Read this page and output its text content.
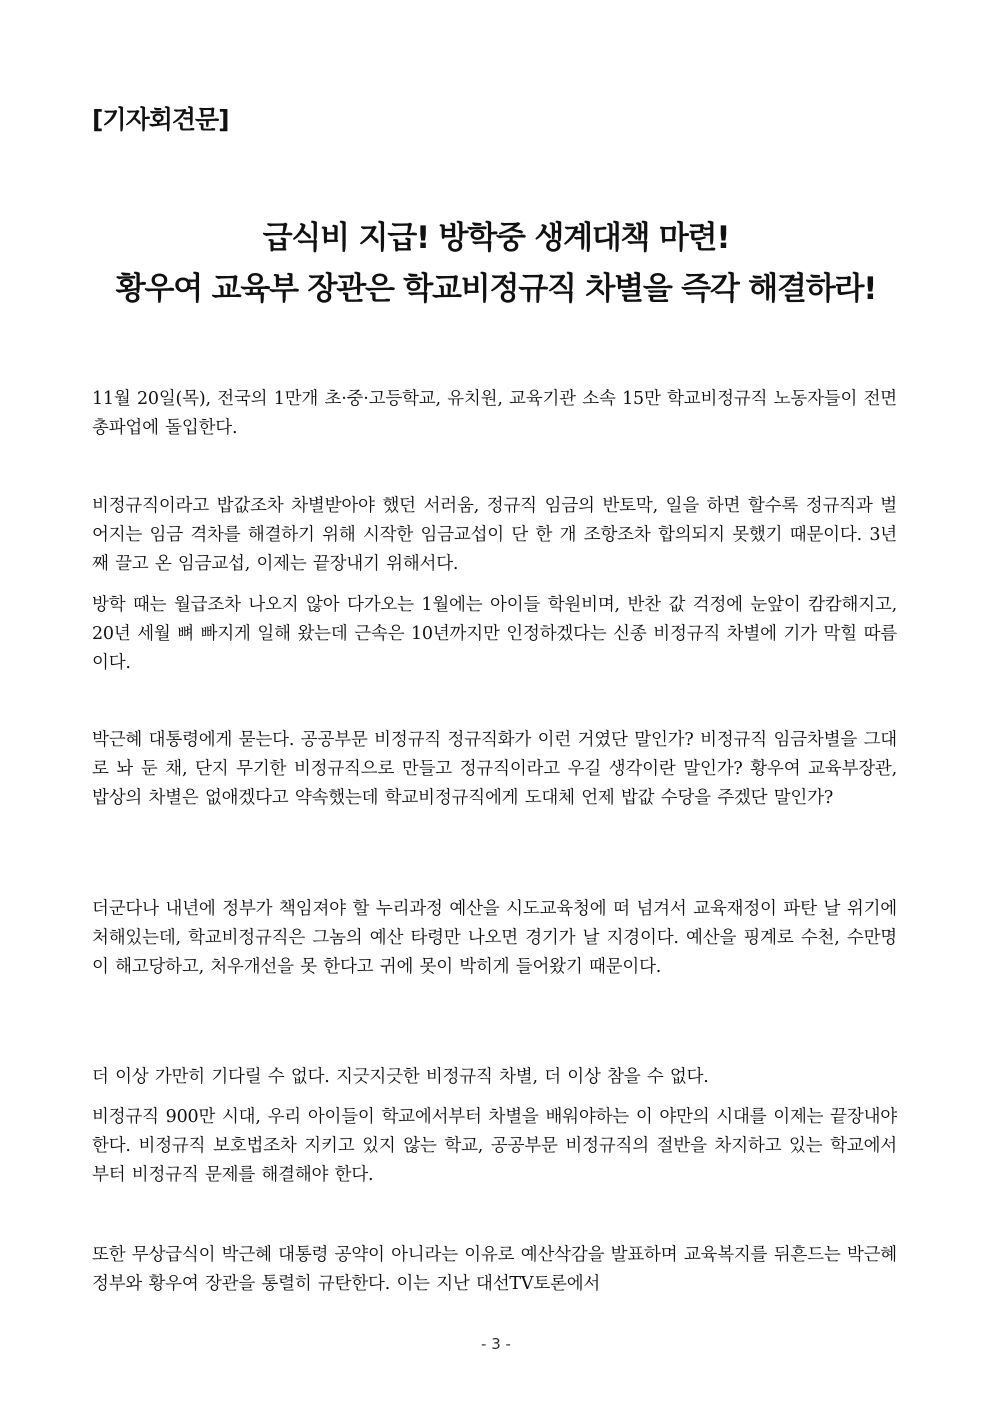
[기자회견문]
급식비 지급! 방학중 생계대책 마련!
황우여 교육부 장관은 학교비정규직 차별을 즉각 해결하라!

11월 20일(목), 전국의 1만개 초·중·고등학교, 유치원, 교육기관 소속 15만 학교비정규직 노동자들이 전면 총파업에 돌입한다.

비정규직이라고 밥값조차 차별받아야 했던 서러움, 정규직 임금의 반토막, 일을 하면 할수록 정규직과 벌어지는 임금 격차를 해결하기 위해 시작한 임금교섭이 단 한 개 조항조차 합의되지 못했기 때문이다. 3년 째 끌고 온 임금교섭, 이제는 끝장내기 위해서다.

방학 때는 월급조차 나오지 않아 다가오는 1월에는 아이들 학원비며, 반찬 값 걱정에 눈앞이 캄캄해지고, 20년 세월 뼈 빠지게 일해 왔는데 근속은 10년까지만 인정하겠다는 신종 비정규직 차별에 기가 막힐 따름이다.

박근혜 대통령에게 묻는다. 공공부문 비정규직 정규직화가 이런 거였단 말인가? 비정규직 임금차별을 그대로 놔 둔 채, 단지 무기한 비정규직으로 만들고 정규직이라고 우길 생각이란 말인가? 황우여 교육부장관, 밥상의 차별은 없애겠다고 약속했는데 학교비정규직에게 도대체 언제 밥값 수당을 주겠단 말인가?

더군다나 내년에 정부가 책임져야 할 누리과정 예산을 시도교육청에 떠 넘겨서 교육재정이 파탄 날 위기에 처해있는데, 학교비정규직은 그놈의 예산 타령만 나오면 경기가 날 지경이다. 예산을 핑계로 수천, 수만명이 해고당하고, 처우개선을 못 한다고 귀에 못이 박히게 들어왔기 때문이다.

더 이상 가만히 기다릴 수 없다. 지긋지긋한 비정규직 차별, 더 이상 참을 수 없다.

비정규직 900만 시대, 우리 아이들이 학교에서부터 차별을 배워야하는 이 야만의 시대를 이제는 끝장내야 한다. 비정규직 보호법조차 지키고 있지 않는 학교, 공공부문 비정규직의 절반을 차지하고 있는 학교에서부터 비정규직 문제를 해결해야 한다.

또한 무상급식이 박근혜 대통령 공약이 아니라는 이유로 예산삭감을 발표하며 교육복지를 뒤흔드는 박근혜정부와 황우여 장관을 통렬히 규탄한다. 이는 지난 대선TV토론에서

- 3 -
